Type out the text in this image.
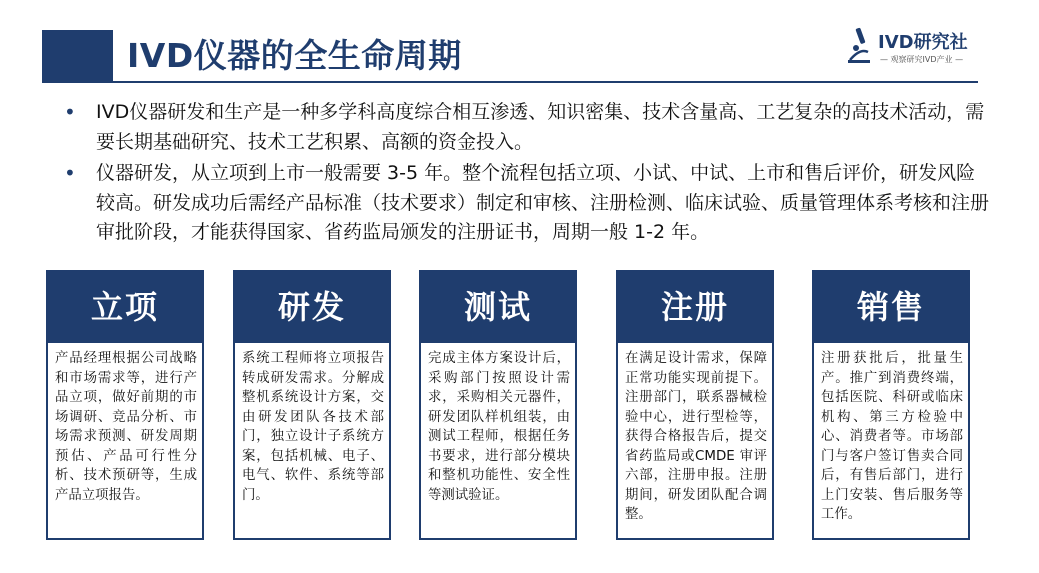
IVD仪器的全生命周期	IVD研究社
— 观察研究IVD产业 —
• IVD仪器研发和生产是一种多学科高度综合相互渗透、知识密集、技术含量高、工艺复杂的高技术活动，需要长期基础研究、技术工艺积累、高额的资金投入。
• 仪器研发，从立项到上市一般需要 3-5 年。整个流程包括立项、小试、中试、上市和售后评价，研发风险较高。研发成功后需经产品标准（技术要求）制定和审核、注册检测、临床试验、质量管理体系考核和注册审批阶段，才能获得国家、省药监局颁发的注册证书，周期一般 1-2 年。
立项
产品经理根据公司战略和市场需求等，进行产品立项，做好前期的市场调研、竞品分析、市场需求预测、研发周期预估、产品可行性分析、技术预研等，生成产品立项报告。
研发
系统工程师将立项报告转成研发需求。分解成整机系统设计方案，交由研发团队各技术部门，独立设计子系统方案，包括机械、电子、电气、软件、系统等部门。
测试
完成主体方案设计后，采购部门按照设计需求，采购相关元器件，研发团队样机组装，由测试工程师，根据任务书要求，进行部分模块和整机功能性、安全性等测试验证。
注册
在满足设计需求，保障正常功能实现前提下。注册部门，联系器械检验中心，进行型检等，获得合格报告后，提交省药监局或CMDE 审评六部，注册申报。注册期间，研发团队配合调整。
销售
注册获批后，批量生产。推广到消费终端，包括医院、科研或临床机构、第三方检验中心、消费者等。市场部门与客户签订售卖合同后，有售后部门，进行上门安装、售后服务等工作。
